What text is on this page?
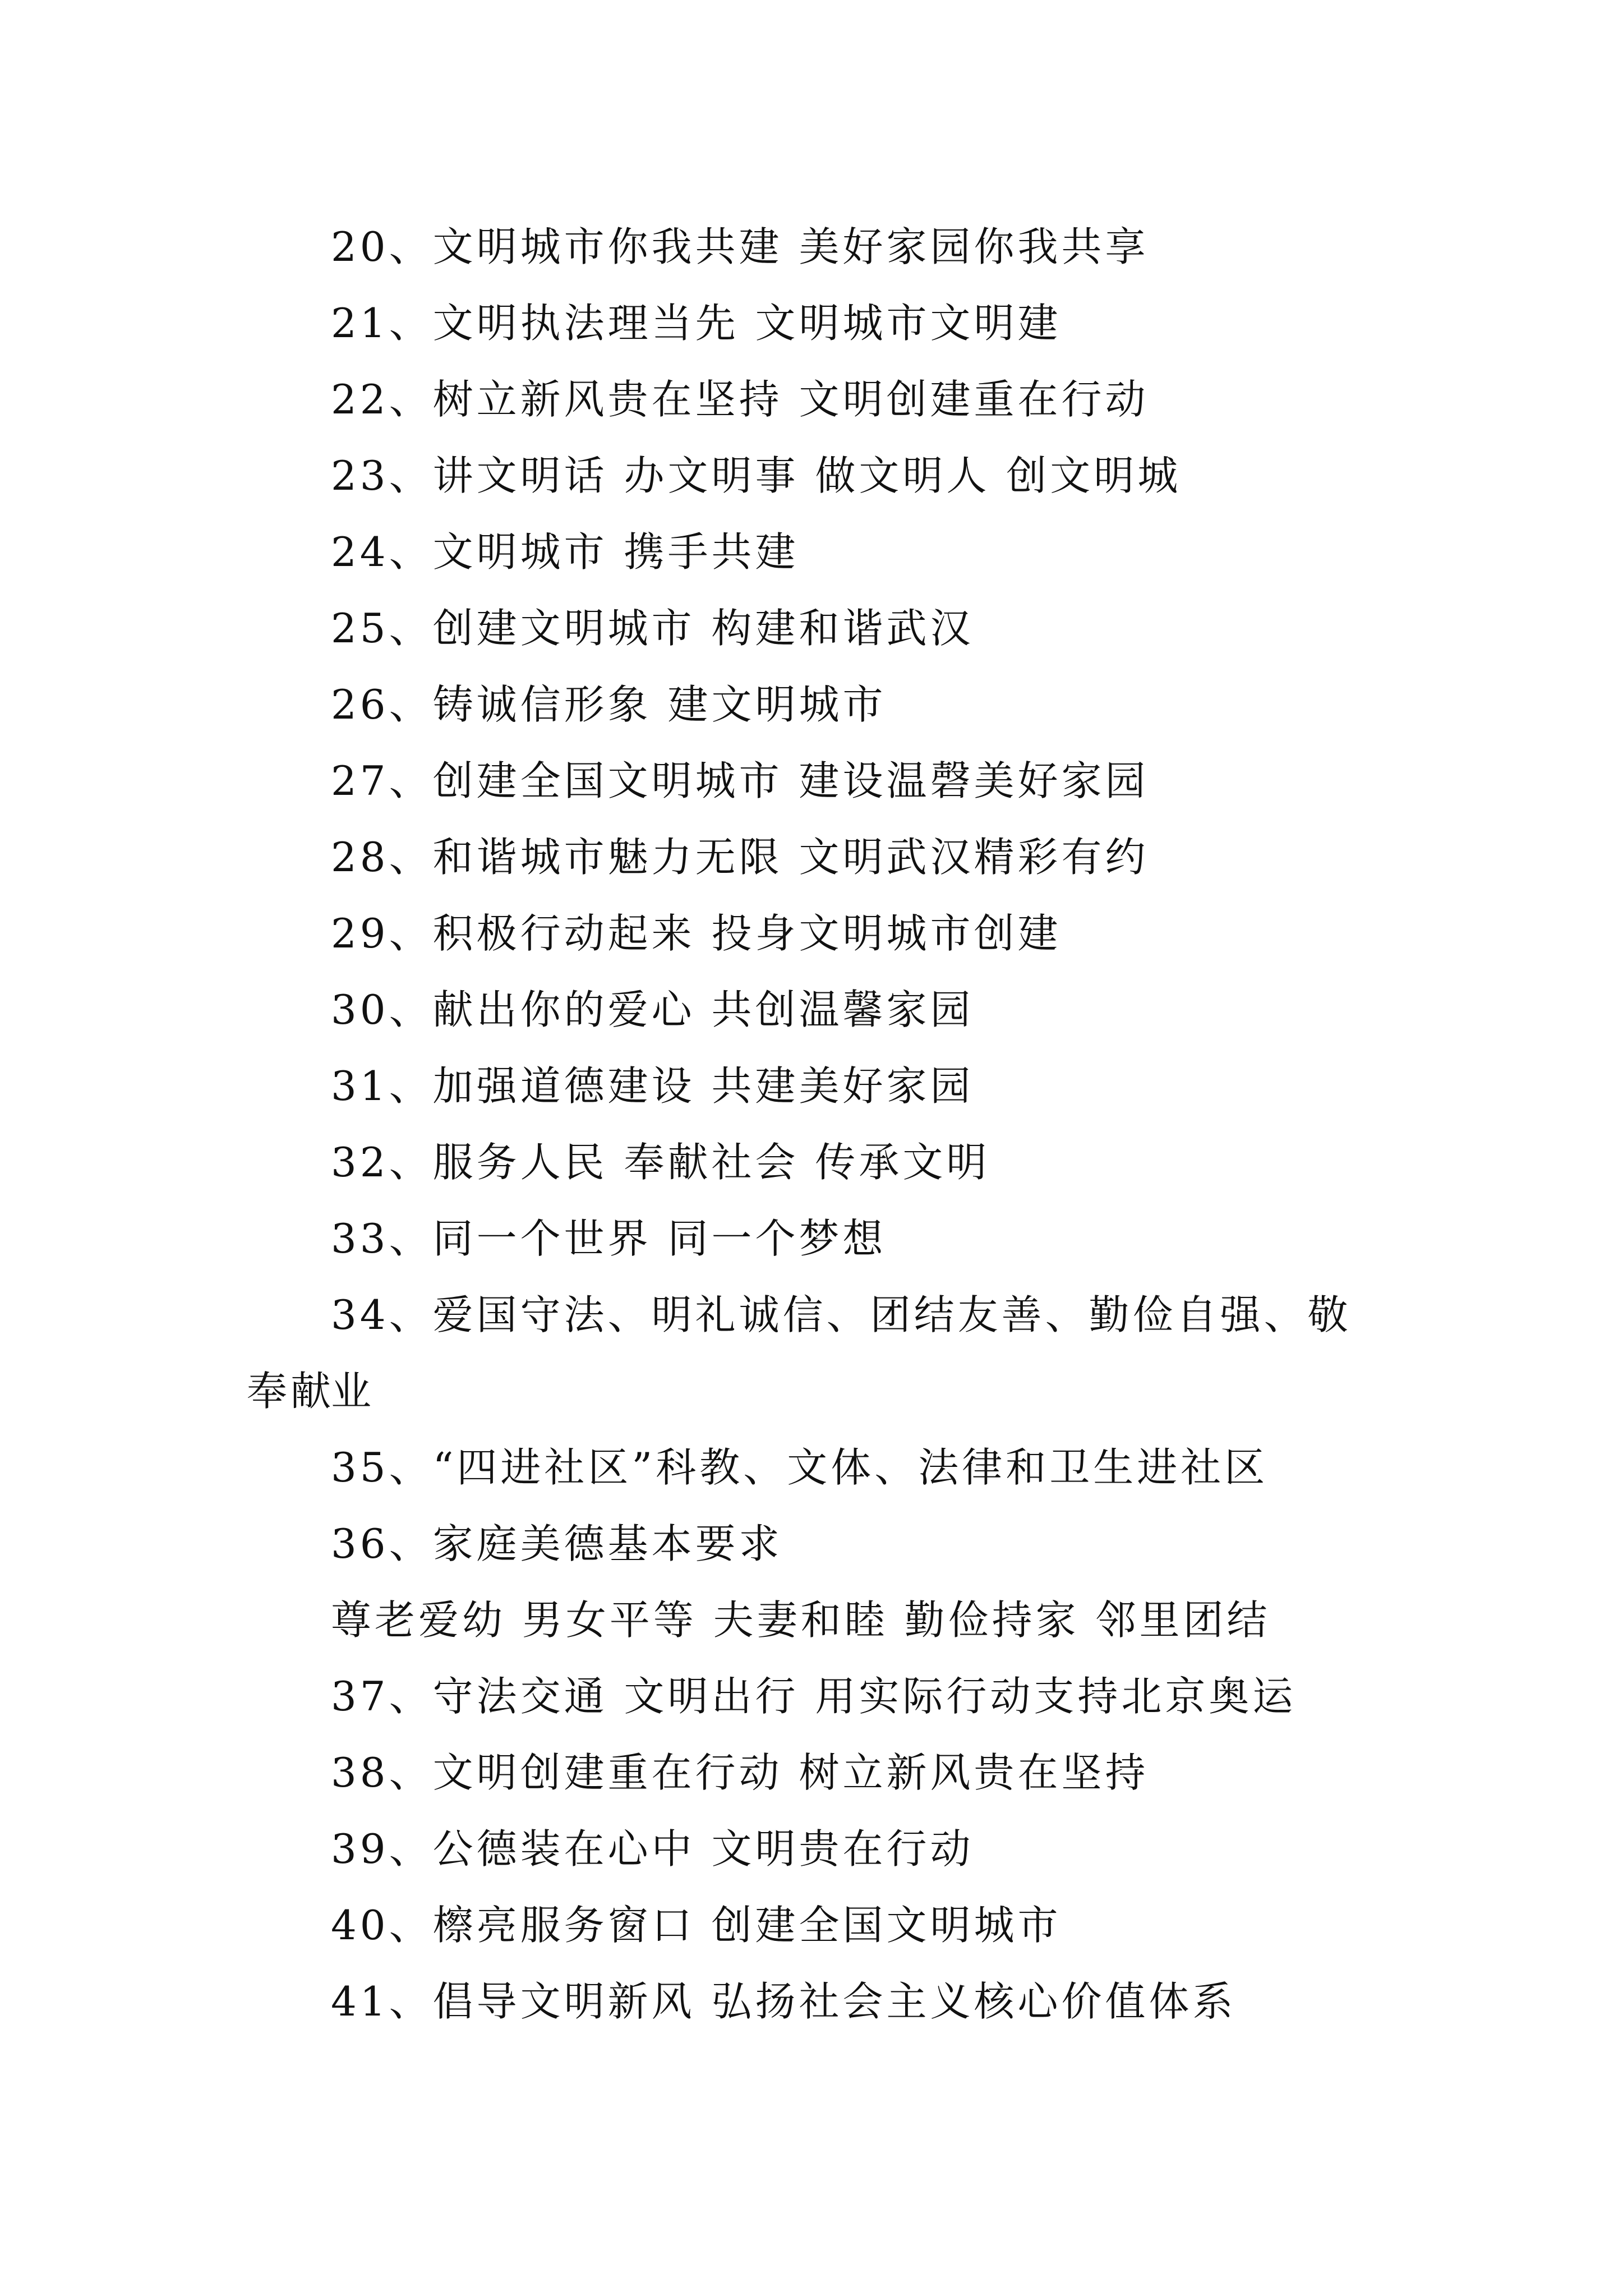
20、文明城市你我共建 美好家园你我共享
21、文明执法理当先 文明城市文明建
22、树立新风贵在坚持 文明创建重在行动
23、讲文明话 办文明事 做文明人 创文明城
24、文明城市 携手共建
25、创建文明城市 构建和谐武汉
26、铸诚信形象 建文明城市
27、创建全国文明城市 建设温磬美好家园
28、和谐城市魅力无限 文明武汉精彩有约
29、积极行动起来 投身文明城市创建
30、献出你的爱心 共创温馨家园
31、加强道德建设 共建美好家园
32、服务人民 奉献社会 传承文明
33、同一个世界 同一个梦想
34、爱国守法、明礼诚信、团结友善、勤俭自强、敬业
奉献
35、“四进社区”科教、文体、法律和卫生进社区
36、家庭美德基本要求
尊老爱幼 男女平等 夫妻和睦 勤俭持家 邻里团结
37、守法交通 文明出行 用实际行动支持北京奥运
38、文明创建重在行动 树立新风贵在坚持
39、公德装在心中 文明贵在行动
40、檫亮服务窗口 创建全国文明城市
41、倡导文明新风 弘扬社会主义核心价值体系
